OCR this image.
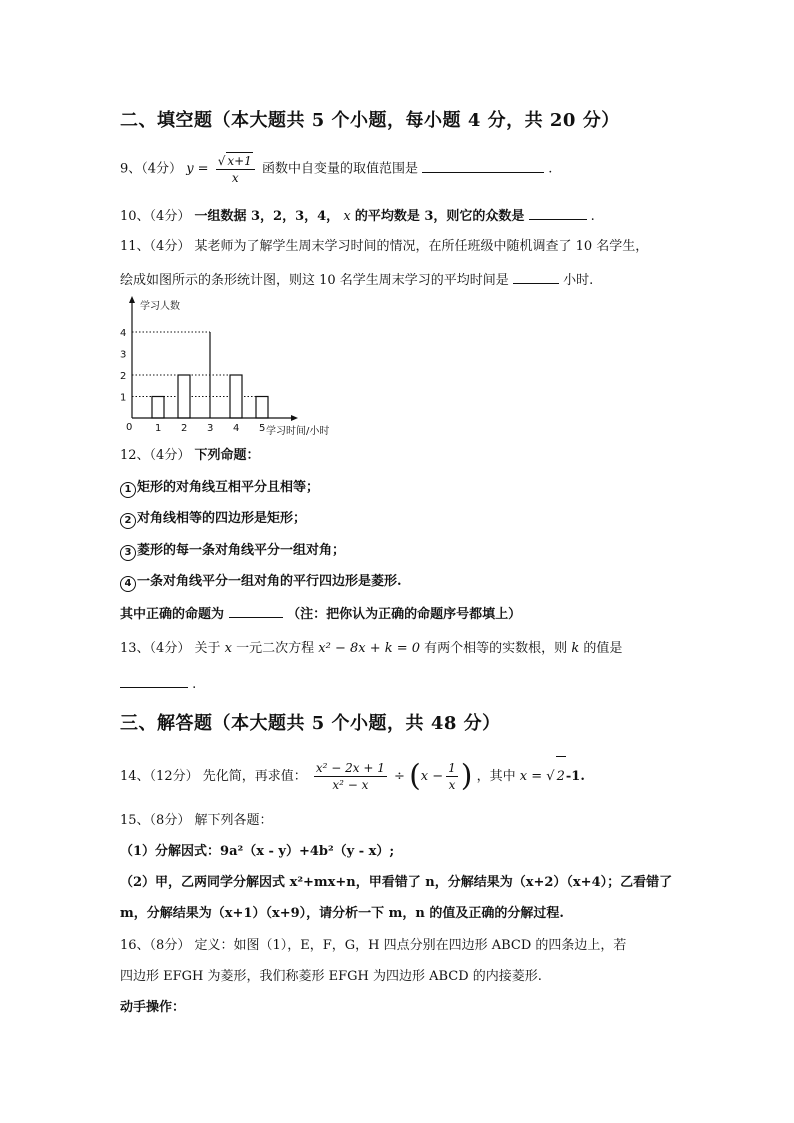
二、填空题（本大题共 5 个小题，每小题 4 分，共 20 分）
9、（4分） $y = \frac{√ x+1}{x}$ 函数中自变量的取值范围是	.
10、（4分） 一组数据 3，2，3，4， x 的平均数是 3，则它的众数是	.
11、（4分） 某老师为了解学生周末学习时间的情况，在所任班级中随机调查了 10 名学生，
绘成如图所示的条形统计图，则这 10 名学生周末学习的平均时间是	小时.
1 2 3 4 5
1
2
3
4
学习人数
学习时间/小时
0
12、（4分） 下列命题：
1 矩形的对角线互相平分且相等；
2 对角线相等的四边形是矩形；
3 菱形的每一条对角线平分一组对角；
4 一条对角线平分一组对角的平行四边形是菱形.
其中正确的命题为	（注：把你认为正确的命题序号都填上）
13、（4分） 关于 x 一元二次方程 x² − 8x + k = 0 有两个相等的实数根，则 k 的值是
.
三、解答题（本大题共 5 个小题，共 48 分）
14、（12分） 先化简，再求值： $\frac{\text{x² − 2x + 1}}{\text{x² − x}} \div (x - \frac{1}{x}$ ) ，其中 x = √ 2-1.
15、（8分） 解下列各题：
（1）分解因式：9a²（x - y）+4b²（y - x）;
（2）甲，乙两同学分解因式 x²+mx+n，甲看错了 n，分解结果为（x+2）（x+4）；乙看错了
m，分解结果为（x+1）（x+9），请分析一下 m，n 的值及正确的分解过程.
16、（8分） 定义：如图（1），E，F，G，H 四点分别在四边形 ABCD 的四条边上，若
四边形 EFGH 为菱形，我们称菱形 EFGH 为四边形 ABCD 的内接菱形.
动手操作：
